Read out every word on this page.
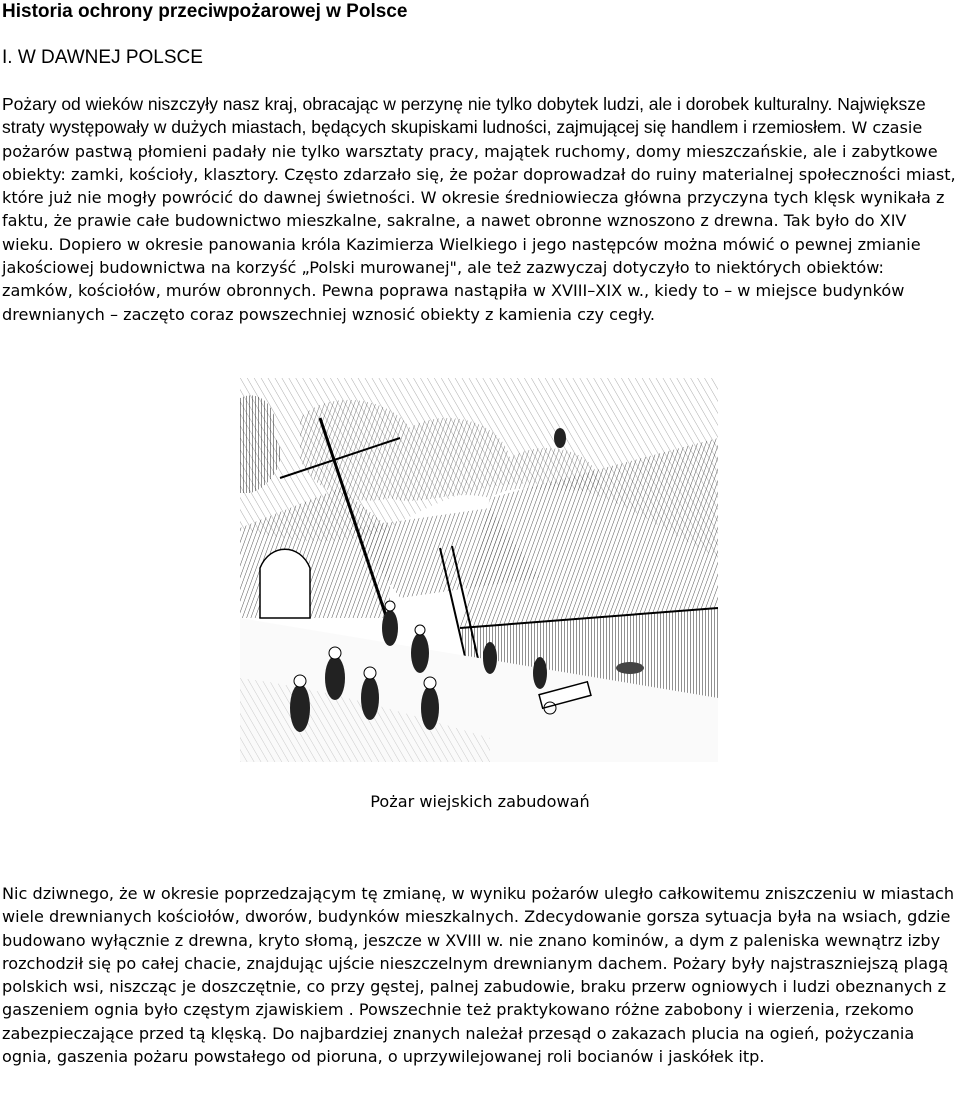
Historia ochrony przeciwpożarowej w Polsce
I. W DAWNEJ POLSCE

Pożary od wieków niszczyły nasz kraj, obracając w perzynę nie tylko dobytek ludzi, ale i dorobek kulturalny. Największe straty występowały w dużych miastach, będących skupiskami ludności, zajmującej się handlem i rzemiosłem. W czasie pożarów pastwą płomieni padały nie tylko warsztaty pracy, majątek ruchomy, domy mieszczańskie, ale i zabytkowe obiekty: zamki, kościoły, klasztory. Często zdarzało się, że pożar doprowadzał do ruiny materialnej społeczności miast, które już nie mogły powrócić do dawnej świetności. W okresie średniowiecza główna przyczyna tych klęsk wynikała z faktu, że prawie całe budownictwo mieszkalne, sakralne, a nawet obronne wznoszono z drewna. Tak było do XIV wieku. Dopiero w okresie panowania króla Kazimierza Wielkiego i jego następców można mówić o pewnej zmianie jakościowej budownictwa na korzyść „Polski murowanej", ale też zazwyczaj dotyczyło to niektórych obiektów: zamków, kościołów, murów obronnych. Pewna poprawa nastąpiła w XVIII–XIX w., kiedy to – w miejsce budynków drewnianych – zaczęto coraz powszechniej wznosić obiekty z kamienia czy cegły.

Pożar wiejskich zabudowań

Nic dziwnego, że w okresie poprzedzającym tę zmianę, w wyniku pożarów uległo całkowitemu zniszczeniu w miastach wiele drewnianych kościołów, dworów, budynków mieszkalnych. Zdecydowanie gorsza sytuacja była na wsiach, gdzie budowano wyłącznie z drewna, kryto słomą, jeszcze w XVIII w. nie znano kominów, a dym z paleniska wewnątrz izby rozchodził się po całej chacie, znajdując ujście nieszczelnym drewnianym dachem. Pożary były najstraszniejszą plagą polskich wsi, niszcząc je doszczętnie, co przy gęstej, palnej zabudowie, braku przerw ogniowych i ludzi obeznanych z gaszeniem ognia było częstym zjawiskiem . Powszechnie też praktykowano różne zabobony i wierzenia, rzekomo zabezpieczające przed tą klęską. Do najbardziej znanych należał przesąd o zakazach plucia na ogień, pożyczania ognia, gaszenia pożaru powstałego od pioruna, o uprzywilejowanej roli bocianów i jaskółek itp.
